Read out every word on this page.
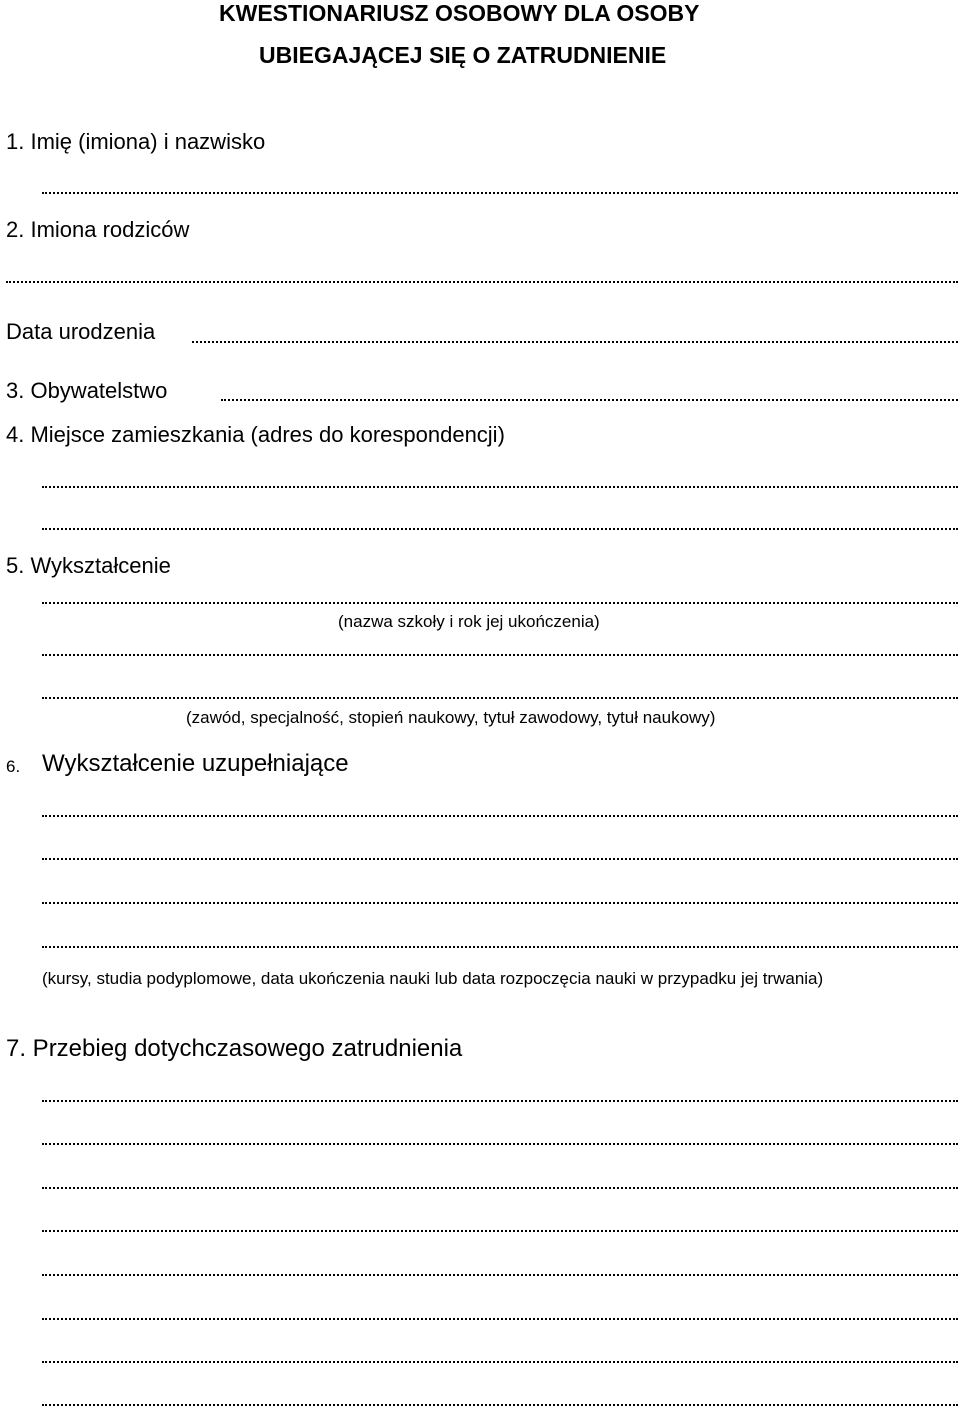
KWESTIONARIUSZ OSOBOWY DLA OSOBY
UBIEGAJĄCEJ SIĘ O ZATRUDNIENIE
1. Imię (imiona) i nazwisko
2. Imiona rodziców
Data urodzenia
3. Obywatelstwo
4. Miejsce zamieszkania (adres do korespondencji)
5. Wykształcenie
(nazwa szkoły i rok jej ukończenia)
(zawód, specjalność, stopień naukowy, tytuł zawodowy, tytuł naukowy)
6. Wykształcenie uzupełniające
(kursy, studia podyplomowe, data ukończenia nauki lub data rozpoczęcia nauki w przypadku jej trwania)
7. Przebieg dotychczasowego zatrudnienia
